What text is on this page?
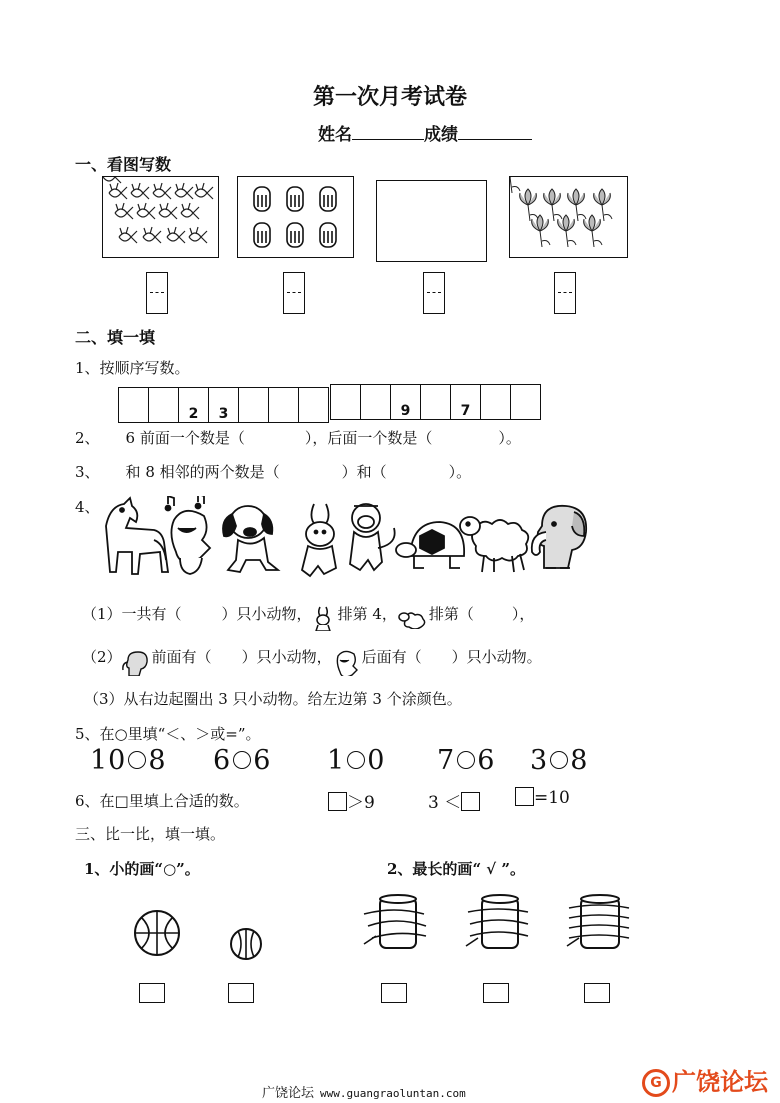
第一次月考试卷
姓名	成绩
一、看图写数
二、填一填
1、按顺序写数。
		2	3			
			9		7		
2、 6 前面一个数是（	），后面一个数是（	）。
3、 和 8 相邻的两个数是（	）和（	）。
4、
（1）一共有（	）只小动物， 排第 4， 排第（	），
（2） 前面有（ ）只小动物， 后面有（ ）只小动物。
（3）从右边起圈出 3 只小动物。给左边第 3 个涂颜色。
5、在○里填“＜、＞或=”。
10 8 6 6 1 0 7 6 3 8
6、在□里填上合适的数。	＞9	3 ＜	=10
三、比一比，填一填。
1、小的画“○”。	2、最长的画“ √ ”。
广饶论坛 www.guangraoluntan.com
G 广饶论坛
